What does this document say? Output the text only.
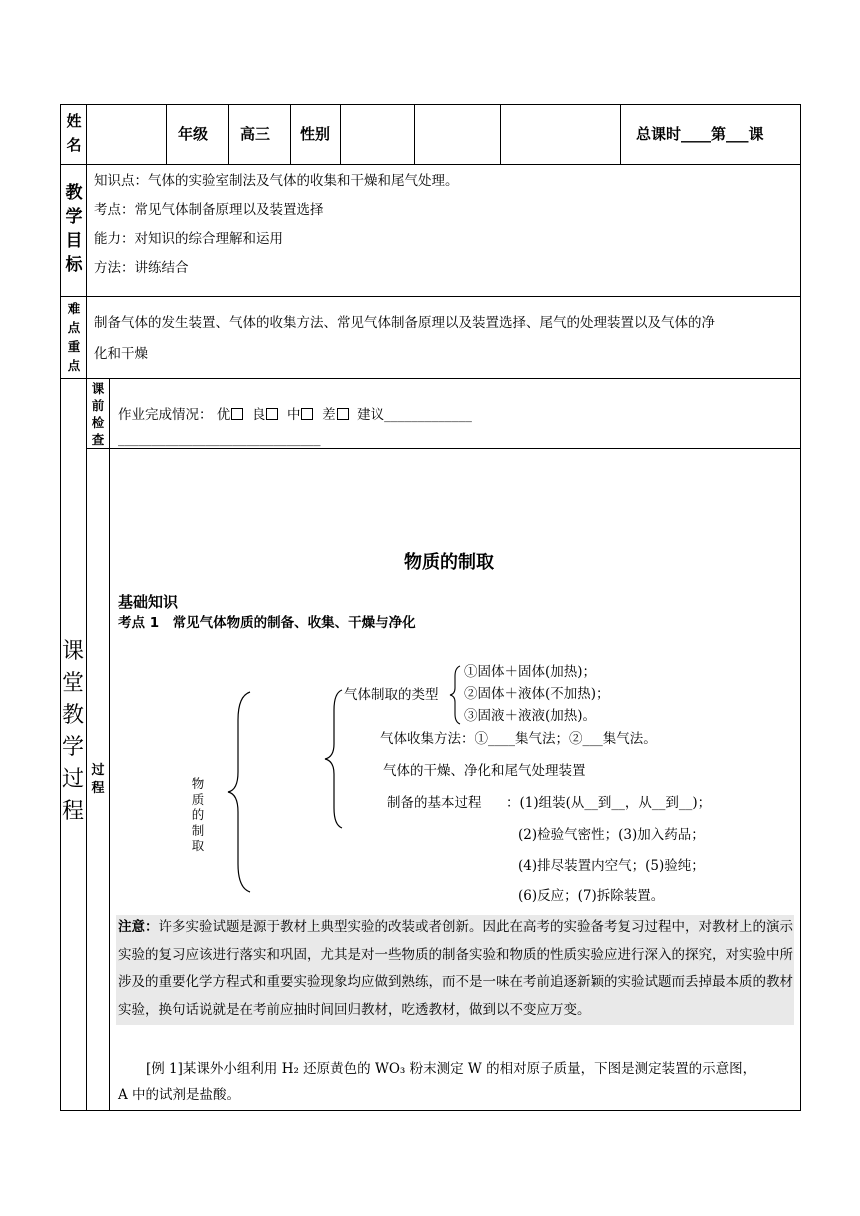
姓
名
年级 高三 性别	总课时____第___课
教
学
目
标
知识点：气体的实验室制法及气体的收集和干燥和尾气处理。
考点：常见气体制备原理以及装置选择
能力：对知识的综合理解和运用
方法：讲练结合
难
点
重
点
制备气体的发生装置、气体的收集方法、常见气体制备原理以及装置选择、尾气的处理装置以及气体的净
化和干燥
课
堂
教
学
过
程
课
前
检
查
作业完成情况： 优 良 中 差 建议_____________
______________________________
过
程
物质的制取
基础知识
考点 1　常见气体物质的制备、收集、干燥与净化
物
质
的
制
取
气体制取的类型
①固体＋固体(加热)；
②固体＋液体(不加热)；
③固液＋液液(加热)。
气体收集方法：①____集气法；②___集气法。
气体的干燥、净化和尾气处理装置
制备的基本过程 ：(1)组装(从__到__，从__到__)；
(2)检验气密性；(3)加入药品；
(4)排尽装置内空气；(5)验纯；
(6)反应；(7)拆除装置。
注意：许多实验试题是源于教材上典型实验的改装或者创新。因此在高考的实验备考复习过程中，对教材上的演示实验的复习应该进行落实和巩固，尤其是对一些物质的制备实验和物质的性质实验应进行深入的探究，对实验中所涉及的重要化学方程式和重要实验现象均应做到熟练，而不是一味在考前追逐新颖的实验试题而丢掉最本质的教材实验，换句话说就是在考前应抽时间回归教材，吃透教材，做到以不变应万变。
[例 1]某课外小组利用 H₂ 还原黄色的 WO₃ 粉末测定 W 的相对原子质量，下图是测定装置的示意图，
A 中的试剂是盐酸。
